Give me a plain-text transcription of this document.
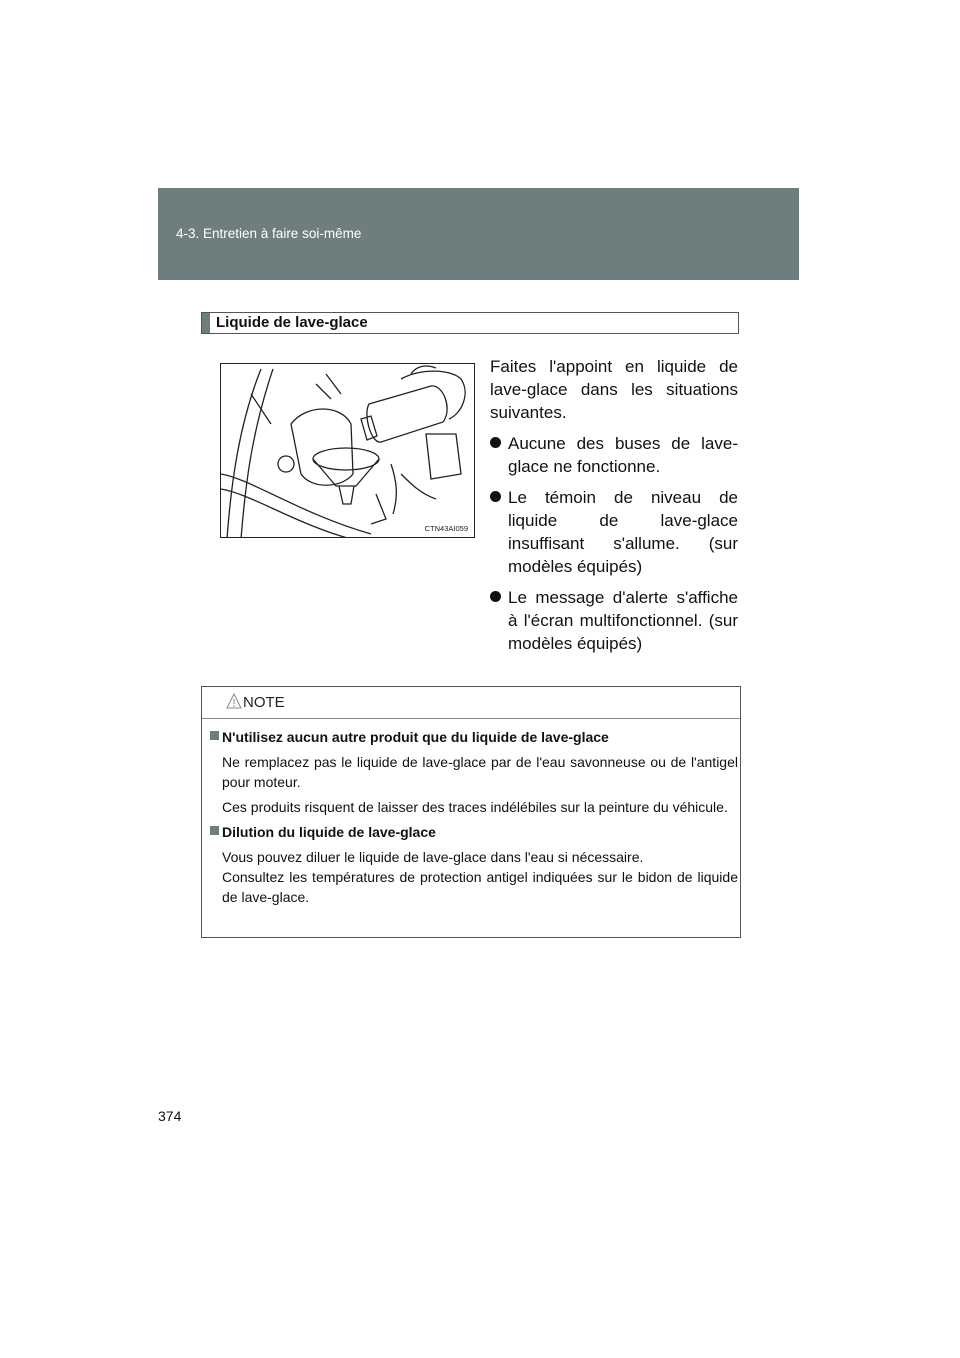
4-3. Entretien à faire soi-même
Liquide de lave-glace
CTN43AI059

Faites l'appoint en liquide de lave-glace dans les situations suivantes.

Aucune des buses de lave-glace ne fonctionne.
Le témoin de niveau de liquide de lave-glace insuffisant s'allume. (sur modèles équipés)
Le message d'alerte s'affiche à l'écran multifonctionnel. (sur modèles équipés)
NOTE
N'utilisez aucun autre produit que du liquide de lave-glace
Ne remplacez pas le liquide de lave-glace par de l'eau savonneuse ou de l'antigel pour moteur.
Ces produits risquent de laisser des traces indélébiles sur la peinture du véhicule.
Dilution du liquide de lave-glace
Vous pouvez diluer le liquide de lave-glace dans l'eau si nécessaire.
Consultez les températures de protection antigel indiquées sur le bidon de liquide de lave-glace.
374
